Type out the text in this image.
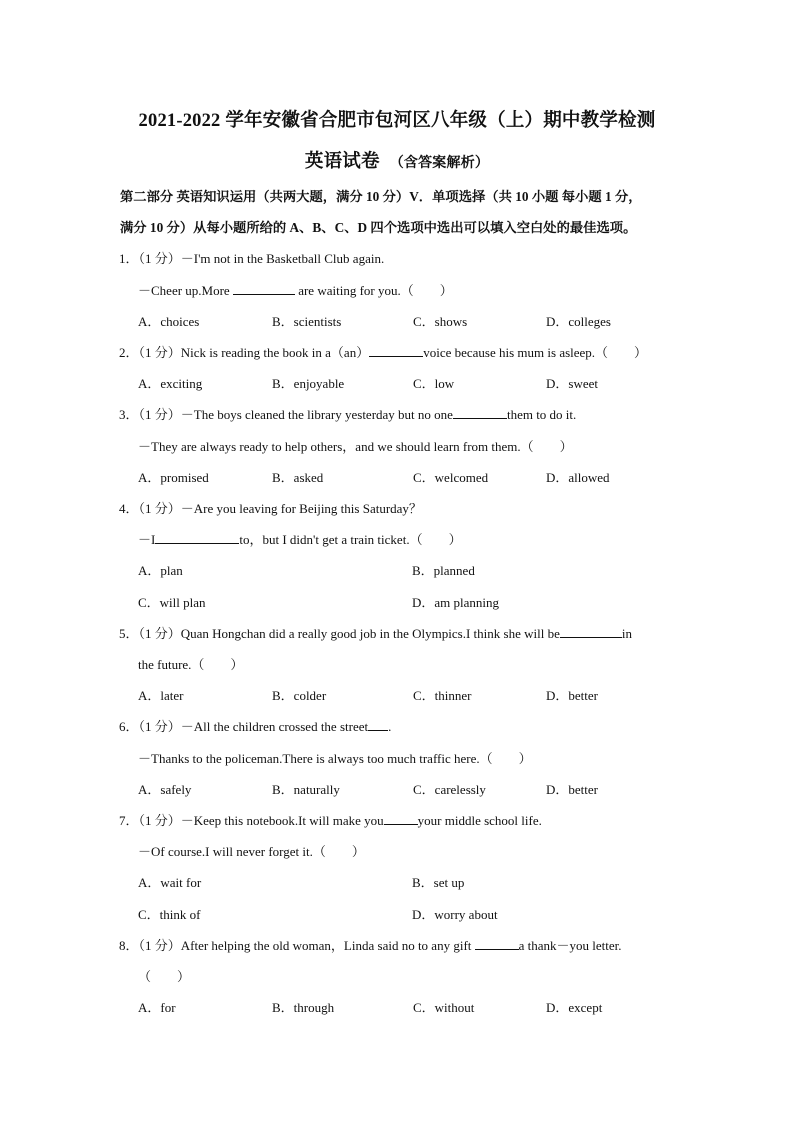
2021-2022 学年安徽省合肥市包河区八年级（上）期中教学检测
英语试卷 （含答案解析）
第二部分 英语知识运用（共两大题，满分 10 分）V．单项选择（共 10 小题 每小题 1 分，
满分 10 分）从每小题所给的 A、B、C、D 四个选项中选出可以填入空白处的最佳选项。
1．（1 分）－I'm not in the Basketball Club again.
－Cheer up.More	are waiting for you.（　　）
A．choices	B．scientists	C．shows	D．colleges
2．（1 分）Nick is reading the book in a（an）	voice because his mum is asleep.（　　）
A．exciting	B．enjoyable	C．low	D．sweet
3．（1 分）－The boys cleaned the library yesterday but no one	them to do it.
－They are always ready to help others，and we should learn from them.（　　）
A．promised	B．asked	C．welcomed	D．allowed
4．（1 分）－Are you leaving for Beijing this Saturday？
－I	to，but I didn't get a train ticket.（　　）
A．plan	B．planned
C．will plan	D．am planning
5．（1 分）Quan Hongchan did a really good job in the Olympics.I think she will be	in
the future.（　　）
A．later	B．colder	C．thinner	D．better
6．（1 分）－All the children crossed the street .
－Thanks to the policeman.There is always too much traffic here.（　　）
A．safely	B．naturally	C．carelessly	D．better
7．（1 分）－Keep this notebook.It will make you	your middle school life.
－Of course.I will never forget it.（　　）
A．wait for	B．set up
C．think of	D．worry about
8．（1 分）After helping the old woman，Linda said no to any gift	a thank－you letter.
（　　）
A．for	B．through	C．without	D．except
